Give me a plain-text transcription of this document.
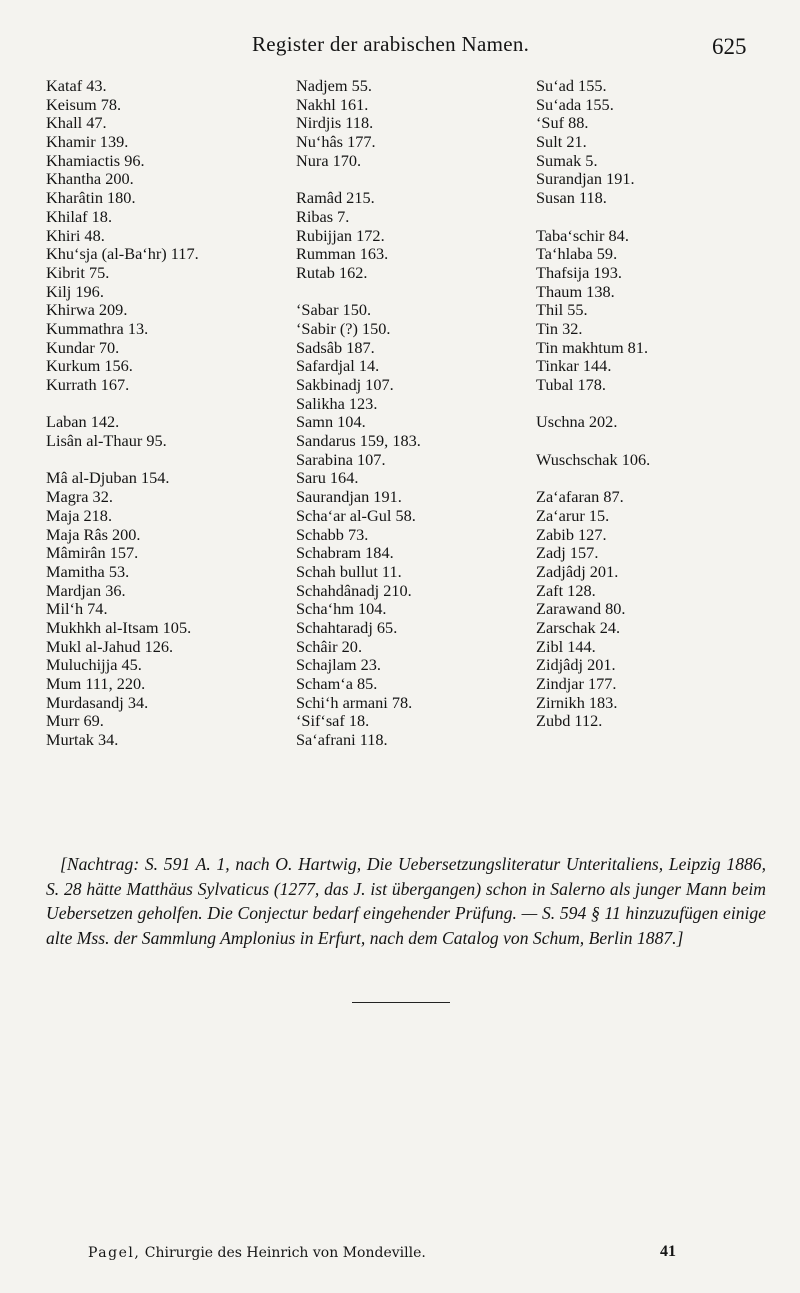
Register der arabischen Namen.	625
Kataf 43.
Keisum 78.
Khall 47.
Khamir 139.
Khamiactis 96.
Khantha 200.
Kharâtin 180.
Khilaf 18.
Khiri 48.
Khu‘sja (al-Ba‘hr) 117.
Kibrit 75.
Kilj 196.
Khirwa 209.
Kummathra 13.
Kundar 70.
Kurkum 156.
Kurrath 167.
Laban 142.
Lisân al-Thaur 95.
Mâ al-Djuban 154.
Magra 32.
Maja 218.
Maja Râs 200.
Mâmirân 157.
Mamitha 53.
Mardjan 36.
Mil‘h 74.
Mukhkh al-Itsam 105.
Mukl al-Jahud 126.
Muluchijja 45.
Mum 111, 220.
Murdasandj 34.
Murr 69.
Murtak 34.
Nadjem 55.
Nakhl 161.
Nirdjis 118.
Nu‘hâs 177.
Nura 170.
Ramâd 215.
Ribas 7.
Rubijjan 172.
Rumman 163.
Rutab 162.
‘Sabar 150.
‘Sabir (?) 150.
Sadsâb 187.
Safardjal 14.
Sakbinadj 107.
Salikha 123.
Samn 104.
Sandarus 159, 183.
Sarabina 107.
Saru 164.
Saurandjan 191.
Scha‘ar al-Gul 58.
Schabb 73.
Schabram 184.
Schah bullut 11.
Schahdânadj 210.
Scha‘hm 104.
Schahtaradj 65.
Schâir 20.
Schajlam 23.
Scham‘a 85.
Schi‘h armani 78.
‘Sif‘saf 18.
Sa‘afrani 118.
Su‘ad 155.
Su‘ada 155.
‘Suf 88.
Sult 21.
Sumak 5.
Surandjan 191.
Susan 118.
Taba‘schir 84.
Ta‘hlaba 59.
Thafsija 193.
Thaum 138.
Thil 55.
Tin 32.
Tin makhtum 81.
Tinkar 144.
Tubal 178.
Uschna 202.
Wuschschak 106.
Za‘afaran 87.
Za‘arur 15.
Zabib 127.
Zadj 157.
Zadjâdj 201.
Zaft 128.
Zarawand 80.
Zarschak 24.
Zibl 144.
Zidjâdj 201.
Zindjar 177.
Zirnikh 183.
Zubd 112.
[Nachtrag: S. 591 A. 1, nach O. Hartwig, Die Uebersetzungsliteratur Unteritaliens, Leipzig 1886, S. 28 hätte Matthäus Sylvaticus (1277, das J. ist übergangen) schon in Salerno als junger Mann beim Uebersetzen geholfen. Die Conjectur bedarf eingehender Prüfung. — S. 594 § 11 hinzuzufügen einige alte Mss. der Sammlung Amplonius in Erfurt, nach dem Catalog von Schum, Berlin 1887.]
Pagel, Chirurgie des Heinrich von Mondeville.	41
